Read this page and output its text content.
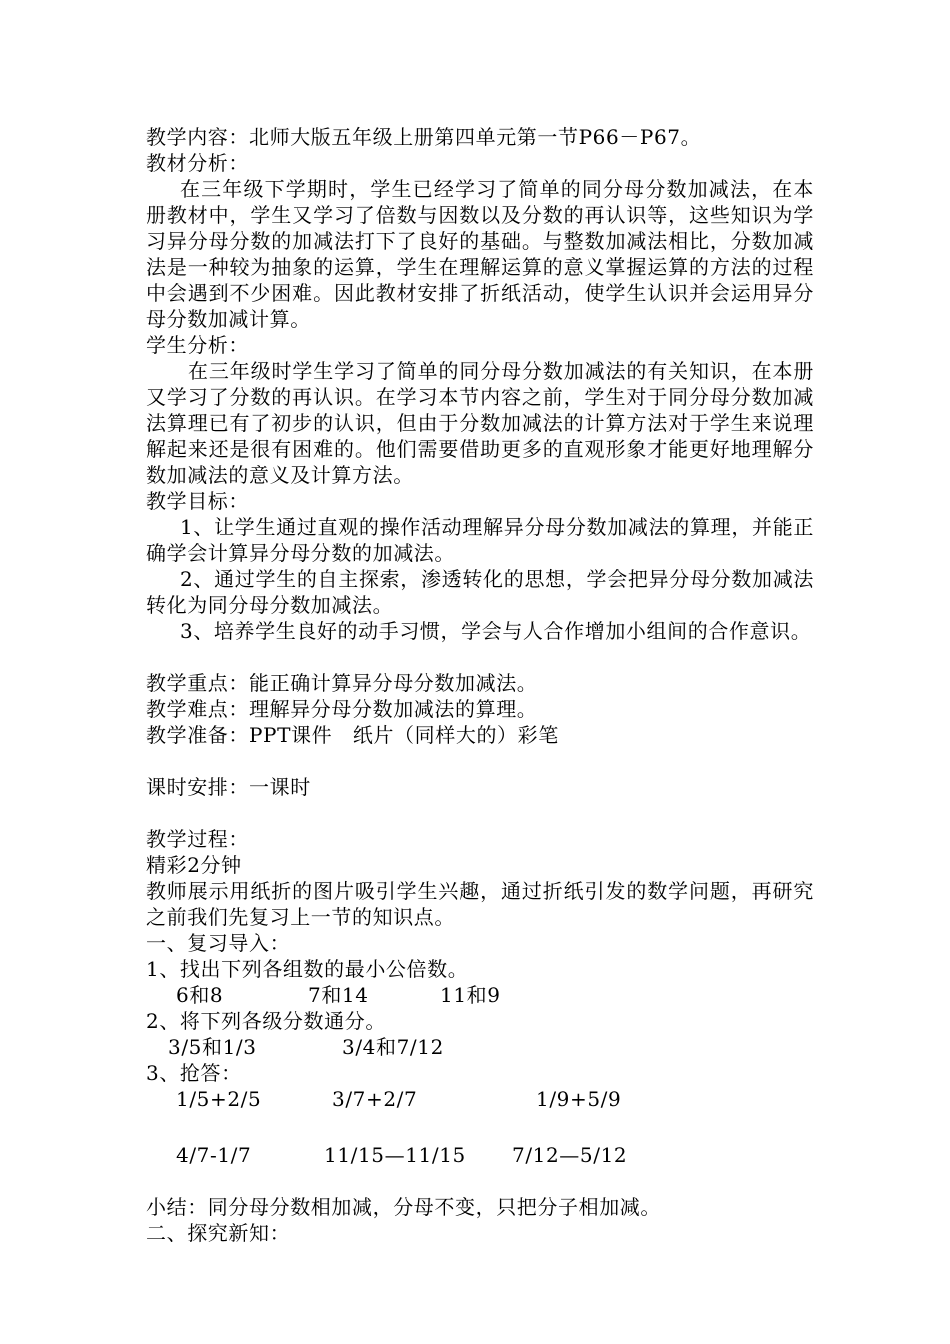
教学内容：北师大版五年级上册第四单元第一节P66－P67。

教材分析：

在三年级下学期时，学生已经学习了简单的同分母分数加减法，在本册教材中，学生又学习了倍数与因数以及分数的再认识等，这些知识为学习异分母分数的加减法打下了良好的基础。与整数加减法相比，分数加减法是一种较为抽象的运算，学生在理解运算的意义掌握运算的方法的过程中会遇到不少困难。因此教材安排了折纸活动，使学生认识并会运用异分母分数加减计算。

学生分析：

在三年级时学生学习了简单的同分母分数加减法的有关知识，在本册又学习了分数的再认识。在学习本节内容之前，学生对于同分母分数加减法算理已有了初步的认识，但由于分数加减法的计算方法对于学生来说理解起来还是很有困难的。他们需要借助更多的直观形象才能更好地理解分数加减法的意义及计算方法。

教学目标：

1、让学生通过直观的操作活动理解异分母分数加减法的算理，并能正确学会计算异分母分数的加减法。

2、通过学生的自主探索，渗透转化的思想，学会把异分母分数加减法转化为同分母分数加减法。

3、培养学生良好的动手习惯，学会与人合作增加小组间的合作意识。

教学重点：能正确计算异分母分数加减法。

教学难点：理解异分母分数加减法的算理。

教学准备：PPT课件　纸片（同样大的）彩笔

课时安排：一课时

教学过程：

精彩2分钟

教师展示用纸折的图片吸引学生兴趣，通过折纸引发的数学问题，再研究之前我们先复习上一节的知识点。

一、复习导入：

1、找出下列各组数的最小公倍数。

6和8	7和14	11和9

2、将下列各级分数通分。

3/5和1/3	3/4和7/12

3、抢答：

1/5+2/5	3/7+2/7	1/9+5/9
4/7-1/7	11/15—11/15 7/12—5/12

小结：同分母分数相加减，分母不变，只把分子相加减。

二、探究新知：
